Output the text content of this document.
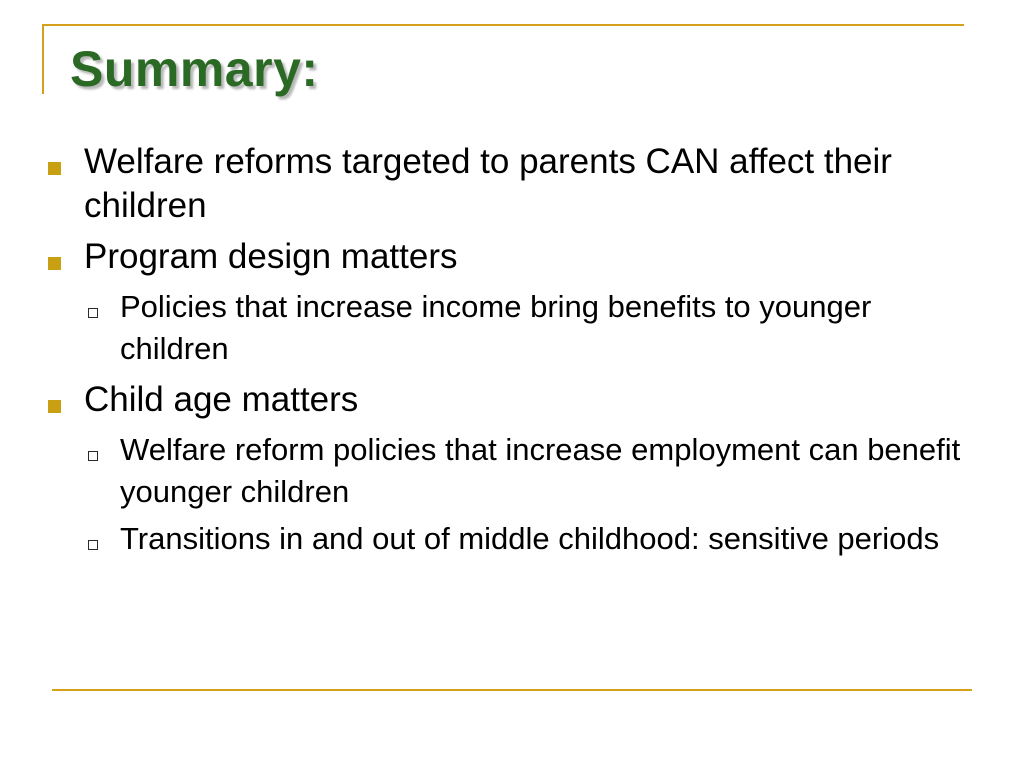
Summary:
Welfare reforms targeted to parents CAN affect their children
Program design matters
Policies that increase income bring benefits to younger children
Child age matters
Welfare reform policies that increase employment can benefit younger children
Transitions in and out of middle childhood: sensitive periods
